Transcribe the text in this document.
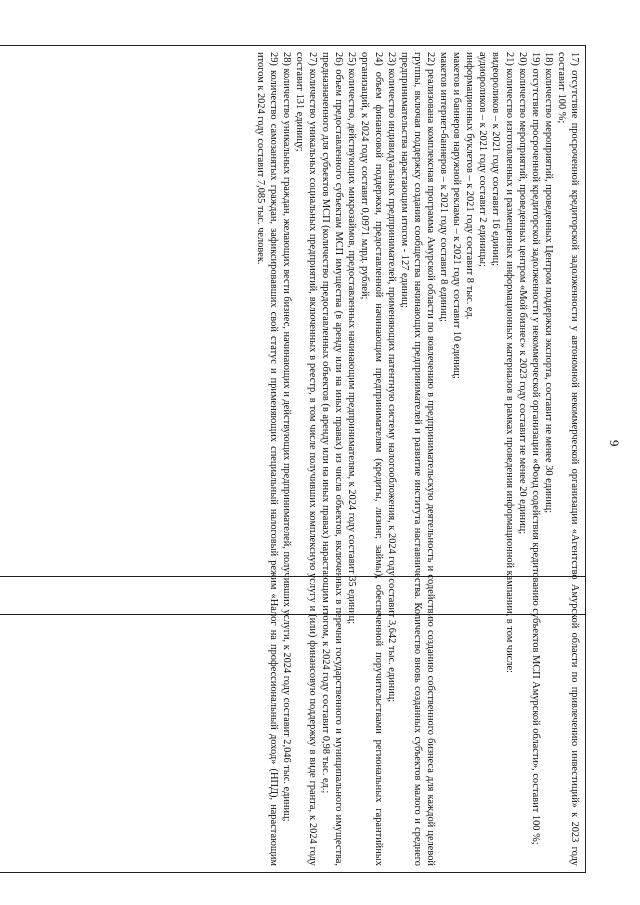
9

17) отсутствие просроченной кредиторской задолженности у автономной некоммерческой организации «Агентство Амурской области по привлечению инвестиций» к 2023 году составит 100 %;

18) количество мероприятий, проведенных Центром поддержки экспорта, составит не менее 30 единиц;

19) отсутствие просроченной кредиторской задолженности у некоммерческой организации «Фонд содействия кредитованию субъектов МСП Амурской области», составит 100 %;

20) количество мероприятий, проведенных центром «Мой бизнес» к 2023 году составит не менее 20 единиц;

21) количество изготовленных и размещенных информационных материалов в рамках проведения информационной кампании, в том числе:

видеороликов – к 2021 году составит 16 единиц;

аудиороликов – к 2021 году составит 2 единицы;

информационных буклетов – к 2021 году составит 8 тыс. ед.

макетов и баннеров наружной рекламы – к 2021 году составит 10 единиц;

макетов интернет-баннеров – к 2021 году составит 8 единиц;

22) реализована комплексная программа Амурской области по вовлечению в предпринимательскую деятельность и содействию созданию собственного бизнеса для каждой целевой группы, включая поддержку создания сообщества начинающих предпринимателей и развитие института наставничества. Количество вновь созданных субъектов малого и среднего предпринимательства нарастающим итогом - 127 единиц;

23) количество индивидуальных предпринимателей, применяющих патентную систему налогообложения, к 2024 году составит 3,642 тыс. единиц;

24) объем финансовой поддержки, предоставленной начинающим предпринимателям (кредиты, лизинг, займы), обеспеченной поручительствами региональных гарантийных организаций, к 2024 году составит 0,0971 млрд. рублей;

25) количество, действующих микрозаймов, предоставленных начинающим предпринимателям, к 2024 году составит 35 единиц;

26) объем предоставленного субъектам МСП имущества (в аренду или на иных правах) из числа объектов, включенных в перечни государственного и муниципального имущества, предназначенного для субъектов МСП (количество предоставленных объектов (в аренду или на иных правах) нарастающим итогом, к 2024 году составит 0,98 тыс. ед.;

27) количество уникальных социальных предприятий, включенных в реестр, в том числе получивших комплексную услугу и (или) финансовую поддержку в виде гранта, к 2024 году составит 131 единицу;

28) количество уникальных граждан, желающих вести бизнес, начинающих и действующих предпринимателей, получивших услуги, к 2024 году составит 2,046 тыс. единиц;

29) количество самозанятых граждан, зафиксировавших свой статус и применяющих специальный налоговый режим «Налог на профессиональный доход» (НПД), нарастающим итогом к 2024 году составит 7,085 тыс. человек.
